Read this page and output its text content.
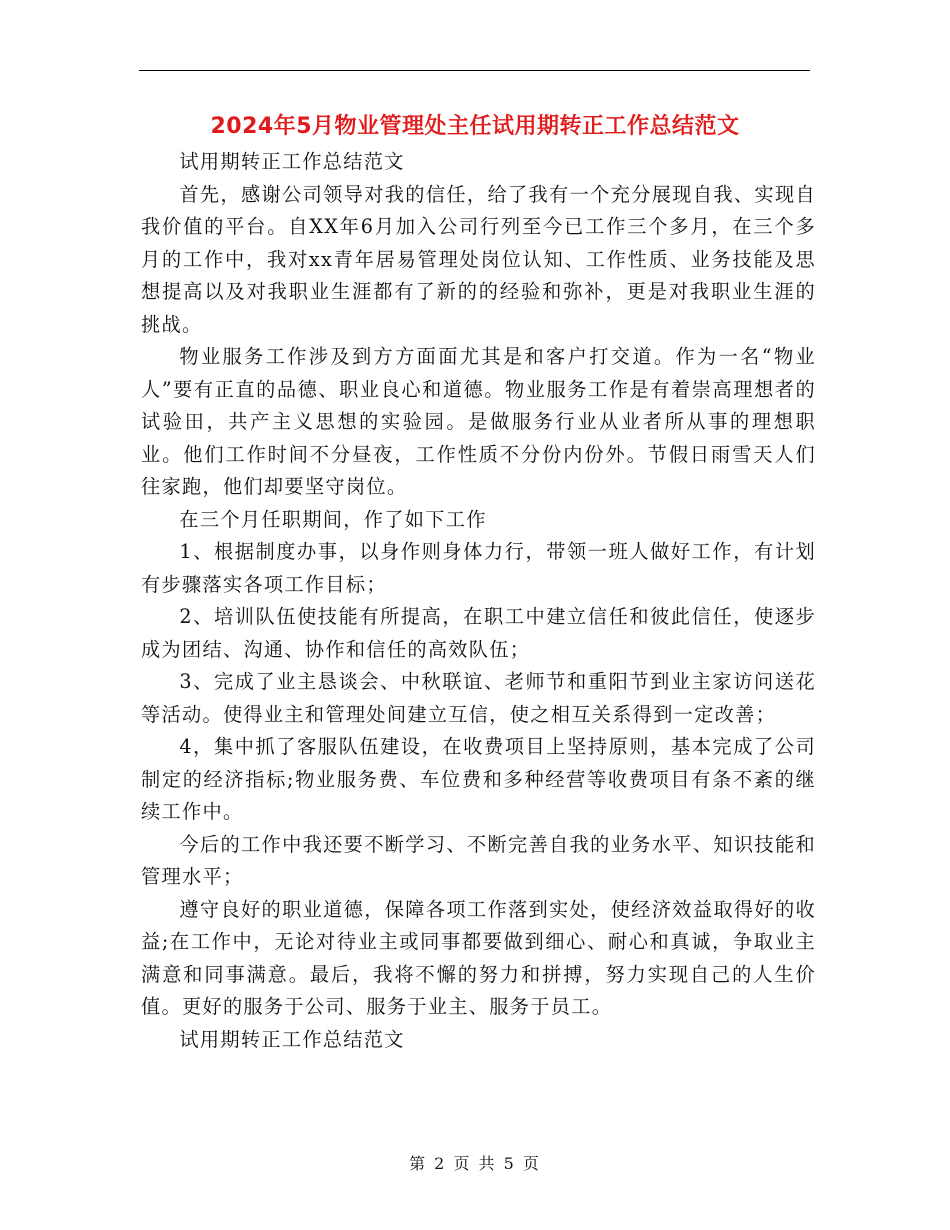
2024年5月物业管理处主任试用期转正工作总结范文

试用期转正工作总结范文

首先，感谢公司领导对我的信任，给了我有一个充分展现自我、实现自我价值的平台。自XX年6月加入公司行列至今已工作三个多月，在三个多月的工作中，我对xx青年居易管理处岗位认知、工作性质、业务技能及思想提高以及对我职业生涯都有了新的的经验和弥补，更是对我职业生涯的挑战。

物业服务工作涉及到方方面面尤其是和客户打交道。作为一名“物业人”要有正直的品德、职业良心和道德。物业服务工作是有着崇高理想者的试验田，共产主义思想的实验园。是做服务行业从业者所从事的理想职业。他们工作时间不分昼夜，工作性质不分份内份外。节假日雨雪天人们往家跑，他们却要坚守岗位。

在三个月任职期间，作了如下工作

1、根据制度办事，以身作则身体力行，带领一班人做好工作，有计划有步骤落实各项工作目标；

2、培训队伍使技能有所提高，在职工中建立信任和彼此信任，使逐步成为团结、沟通、协作和信任的高效队伍；

3、完成了业主恳谈会、中秋联谊、老师节和重阳节到业主家访问送花等活动。使得业主和管理处间建立互信，使之相互关系得到一定改善；

4，集中抓了客服队伍建设，在收费项目上坚持原则，基本完成了公司制定的经济指标;物业服务费、车位费和多种经营等收费项目有条不紊的继续工作中。

今后的工作中我还要不断学习、不断完善自我的业务水平、知识技能和管理水平；

遵守良好的职业道德，保障各项工作落到实处，使经济效益取得好的收益;在工作中，无论对待业主或同事都要做到细心、耐心和真诚，争取业主满意和同事满意。最后，我将不懈的努力和拼搏，努力实现自己的人生价值。更好的服务于公司、服务于业主、服务于员工。

试用期转正工作总结范文

第 2 页 共 5 页
